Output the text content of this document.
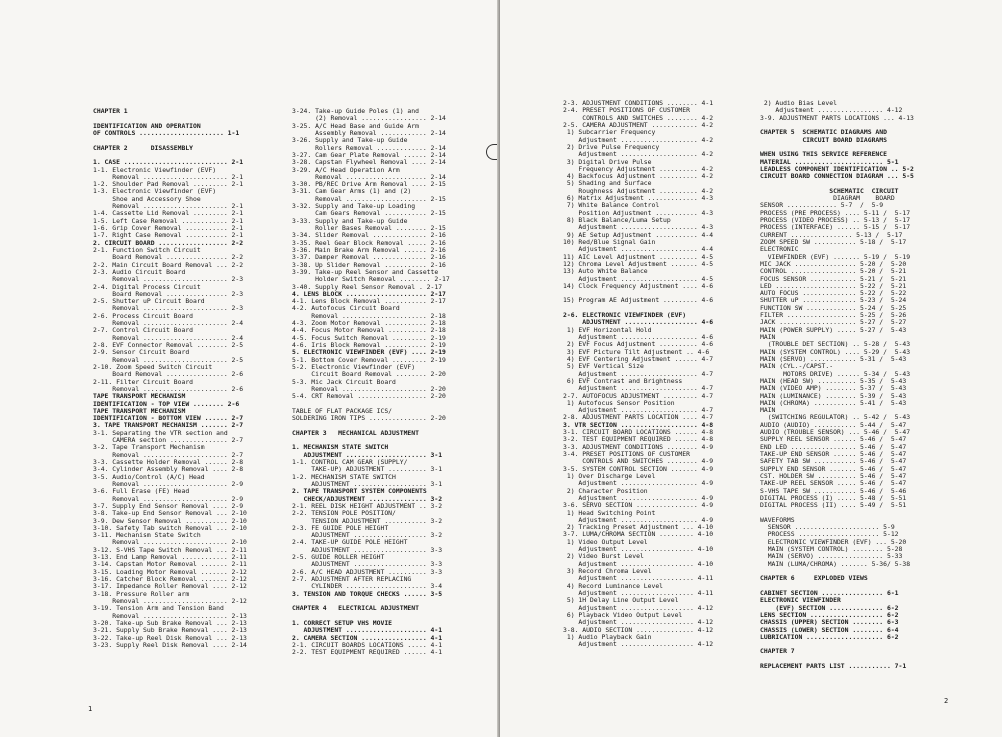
CHAPTER 1
IDENTIFICATION AND OPERATION
OF CONTROLS ...................... 1-1
CHAPTER 2      DISASSEMBLY
1. CASE ........................... 2-1
1-1. Electronic Viewfinder (EVF)
Removal ...................... 2-1
1-2. Shoulder Pad Removal ......... 2-1
1-3. Electronic Viewfinder (EVF)
Shoe and Accessory Shoe
Removal ...................... 2-1
1-4. Cassette Lid Removal ......... 2-1
1-5. Left Case Removal ............ 2-1
1-6. Grip Cover Removal ........... 2-1
1-7. Right Case Removal ........... 2-1
2. CIRCUIT BOARD .................. 2-2
2-1. Function Switch Circuit
Board Removal ................ 2-2
2-2. Main Circuit Board Removal ... 2-2
2-3. Audio Circuit Board
Removal ...................... 2-3
2-4. Digital Process Circuit
Board Removal ................ 2-3
2-5. Shutter uP Circuit Board
Removal ...................... 2-3
2-6. Process Circuit Board
Removal ...................... 2-4
2-7. Control Circuit Board
Removal ...................... 2-4
2-8. EVF Connector Removal ........ 2-5
2-9. Sensor Circuit Board
Removal ...................... 2-5
2-10. Zoom Speed Switch Circuit
Board Removal ................ 2-6
2-11. Filter Circuit Board
Removal ...................... 2-6
TAPE TRANSPORT MECHANISM
IDENTIFICATION - TOP VIEW ........ 2-6
TAPE TRANSPORT MECHANISM
IDENTIFICATION - BOTTOM VIEW ...... 2-7
3. TAPE TRANSPORT MECHANISM ....... 2-7
3-1. Separating the VTR section and
CAMERA section ............... 2-7
3-2. Tape Transport Mechanism
Removal ...................... 2-7
3-3. Cassette Holder Removal ...... 2-8
3-4. Cylinder Assembly Removal .... 2-8
3-5. Audio/Control (A/C) Head
Removal ...................... 2-9
3-6. Full Erase (FE) Head
Removal ...................... 2-9
3-7. Supply End Sensor Removal .... 2-9
3-8. Take-up End Sensor Removal ... 2-10
3-9. Dew Sensor Removal ........... 2-10
3-10. Safety Tab switch Removal ... 2-10
3-11. Mechanism State Switch
Removal ...................... 2-10
3-12. S-VHS Tape Switch Removal ... 2-11
3-13. End Lamp Removal ............ 2-11
3-14. Capstan Motor Removal ....... 2-11
3-15. Loading Motor Removal ....... 2-12
3-16. Catcher Block Removal ....... 2-12
3-17. Impedance Roller Removal .... 2-12
3-18. Pressure Roller arm
Removal ...................... 2-12
3-19. Tension Arm and Tension Band
Removal ...................... 2-13
3-20. Take-up Sub Brake Removal ... 2-13
3-21. Supply Sub Brake Removal .... 2-13
3-22. Take-up Reel Disk Removal ... 2-13
3-23. Supply Reel Disk Removal .... 2-14
3-24. Take-up Guide Poles (1) and
(2) Removal ................. 2-14
3-25. A/C Head Base and Guide Arm
Assembly Removal ............ 2-14
3-26. Supply and Take-up Guide
Rollers Removal ............. 2-14
3-27. Cam Gear Plate Removal ...... 2-14
3-28. Capstan Flywheel Removal .... 2-14
3-29. A/C Head Operation Arm
Removal ..................... 2-14
3-30. PB/REC Drive Arm Removal .... 2-15
3-31. Cam Gear Arms (1) and (2)
Removal ..................... 2-15
3-32. Supply and Take-up Loading
Cam Gears Removal ........... 2-15
3-33. Supply and Take-up Guide
Roller Bases Removal ........ 2-15
3-34. Slider Removal .............. 2-16
3-35. Reel Gear Block Removal ..... 2-16
3-36. Main Brake Arm Removal ...... 2-16
3-37. Damper Removal .............. 2-16
3-38. Up Slider Removal ........... 2-16
3-39. Take-up Reel Sensor and Cassette
Holder Switch Removal ........ 2-17
3-40. Supply Reel Sensor Removal . 2-17
4. LENS BLOCK ..................... 2-17
4-1. Lens Block Removal ........... 2-17
4-2. Autofocus Circuit Board
Removal ...................... 2-18
4-3. Zoom Motor Removal ........... 2-18
4-4. Focus Motor Removal .......... 2-18
4-5. Focus Switch Removal ......... 2-19
4-6. Iris Block Removal ........... 2-19
5. ELECTRONIC VIEWFINDER (EVF) .... 2-19
5-1. Bottom Cover Removal ......... 2-19
5-2. Electronic Viewfinder (EVF)
Circuit Board Removal ........ 2-20
5-3. Mic Jack Circuit Board
Removal ...................... 2-20
5-4. CRT Removal .................. 2-20
TABLE OF FLAT PACKAGE ICS/
SOLDERING IRON TIPS ............... 2-20
CHAPTER 3   MECHANICAL ADJUSTMENT
1. MECHANISM STATE SWITCH
ADJUSTMENT ..................... 3-1
1-1. CONTROL CAM GEAR (SUPPLY/
TAKE-UP) ADJUSTMENT .......... 3-1
1-2. MECHANISM STATE SWITCH
ADJUSTMENT ................... 3-1
2. TAPE TRANSPORT SYSTEM COMPONENTS
CHECK/ADJUSTMENT ............... 3-2
2-1. REEL DISK HEIGHT ADJUSTMENT .. 3-2
2-2. TENSION POLE POSITION/
TENSION ADJUSTMENT ........... 3-2
2-3. FE GUIDE POLE HEIGHT
ADJUSTMENT ................... 3-2
2-4. TAKE-UP GUIDE POLE HEIGHT
ADJUSTMENT ................... 3-3
2-5. GUIDE ROLLER HEIGHT
ADJUSTMENT ................... 3-3
2-6. A/C HEAD ADJUSTMENT .......... 3-3
2-7. ADJUSTMENT AFTER REPLACING
CYLINDER ..................... 3-4
3. TENSION AND TORQUE CHECKS ...... 3-5
CHAPTER 4   ELECTRICAL ADJUSTMENT
1. CORRECT SETUP VHS MOVIE
ADJUSTMENT ..................... 4-1
2. CAMERA SECTION ................. 4-1
2-1. CIRCUIT BOARDS LOCATIONS ..... 4-1
2-2. TEST EQUIPMENT REQUIRED ...... 4-1
1
2-3. ADJUSTMENT CONDITIONS ........ 4-1
2-4. PRESET POSITIONS OF CUSTOMER
CONTROLS AND SWITCHES ........ 4-2
2-5. CAMERA ADJUSTMENT ............ 4-2
1) Subcarrier Frequency
Adjustment .................... 4-2
2) Drive Pulse Frequency
Adjustment .................... 4-2
3) Digital Drive Pulse
Frequency Adjustment .......... 4-2
4) Backfocus Adjustment .......... 4-2
5) Shading and Surface
Roughness Adjustment .......... 4-2
6) Matrix Adjustment ............. 4-3
7) White Balance Control
Position Adjustment ........... 4-3
8) Black Balance/Luma Setup
Adjustment .................... 4-3
9) AE Setup Adjustment ........... 4-4
10) Red/Blue Signal Gain
Adjustment .................... 4-4
11) AIC Level Adjustment .......... 4-5
12) Chroma Level Adjustment ....... 4-5
13) Auto White Balance
Adjustment .................... 4-5
14) Clock Frequency Adjustment .... 4-6
15) Program AE Adjustment ......... 4-6
2-6. ELECTRONIC VIEWFINDER (EVF)
ADJUSTMENT ................... 4-6
1) EVF Horizontal Hold
Adjustment .................... 4-6
2) EVF Focus Adjustment .......... 4-6
3) EVF Picture Tilt Adjustment .. 4-6
4) EVF Centering Adjustment ...... 4-7
5) EVF Vertical Size
Adjustment .................... 4-7
6) EVF Contrast and Brightness
Adjustment .................... 4-7
2-7. AUTOFOCUS ADJUSTMENT ......... 4-7
1) Autofocus Sensor Position
Adjustment .................... 4-7
2-8. ADJUSTMENT PARTS LOCATION .... 4-7
3. VTR SECTION .................... 4-8
3-1. CIRCUIT BOARD LOCATIONS ...... 4-8
3-2. TEST EQUIPMENT REQUIRED ...... 4-8
3-3. ADJUSTMENT CONDITIONS ........ 4-9
3-4. PRESET POSITIONS OF CUSTOMER
CONTROLS AND SWITCHES ........ 4-9
3-5. SYSTEM CONTROL SECTION ....... 4-9
1) Over Discharge Level
Adjustment .................... 4-9
2) Character Position
Adjustment .................... 4-9
3-6. SERVO SECTION ................ 4-9
1) Head Switching Point
Adjustment .................... 4-9
2) Tracking Preset Adjustment ... 4-10
3-7. LUMA/CHROMA SECTION ......... 4-10
1) Video Output Level
Adjustment ................... 4-10
2) Video Burst Level
Adjustment ................... 4-10
3) Record Chroma Level
Adjustment ................... 4-11
4) Record Luminance Level
Adjustment ................... 4-11
5) 1H Delay Line Output Level
Adjustment ................... 4-12
6) Playback Video Output Level
Adjustment ................... 4-12
3-8. AUDIO SECTION ............... 4-12
1) Audio Playback Gain
Adjustment ................... 4-12
2) Audio Bias Level
Adjustment ................. 4-12
3-9. ADJUSTMENT PARTS LOCATIONS ... 4-13
CHAPTER 5  SCHEMATIC DIAGRAMS AND
CIRCUIT BOARD DIAGRAMS
WHEN USING THIS SERVICE REFERENCE
MATERIAL ....................... 5-1
LEADLESS COMPONENT IDENTIFICATION .. 5-2
CIRCUIT BOARD CONNECTION DIAGRAM ... 5-5
SCHEMATIC  CIRCUIT
DIAGRAM    BOARD
SENSOR ............. 5-7  /  5-9
PROCESS (PRE PROCESS) .... 5-11 /  5-17
PROCESS (VIDEO PROCESS) .. 5-13 /  5-17
PROCESS (INTERFACE) ...... 5-15 /  5-17
CURRENT ................ 5-13 /  5-17
ZOOM SPEED SW ........... 5-18 /  5-17
ELECTRONIC
VIEWFINDER (EVF) ....... 5-19 /  5-19
MIC JACK ................ 5-20 /  5-20
CONTROL ................. 5-20 /  5-21
FOCUS SENSOR ............ 5-21 /  5-21
LED ..................... 5-22 /  5-21
AUTO FOCUS .............. 5-22 /  5-22
SHUTTER uP .............. 5-23 /  5-24
FUNCTION SW ............. 5-24 /  5-25
FILTER .................. 5-25 /  5-26
JACK .................... 5-27 /  5-27
MAIN (POWER SUPPLY) ..... 5-27 /  5-43
MAIN
(TROUBLE DET SECTION) .. 5-28 /  5-43
MAIN (SYSTEM CONTROL) .... 5-29 /  5-43
MAIN (SERVO) ............ 5-31 /  5-43
MAIN (CYL.-/CAPST.-
MOTORS DRIVE) ...... 5-34 /  5-43
MAIN (HEAD SW) .......... 5-35 /  5-43
MAIN (VIDEO AMP) ........ 5-37 /  5-43
MAIN (LUMINANCE) ........ 5-39 /  5-43
MAIN (CHROMA) ........... 5-41 /  5-43
MAIN
(SWITCHING REGULATOR) .. 5-42 /  5-43
AUDIO (AUDIO) ........... 5-44 /  5-47
AUDIO (TROUBLE SENSOR) ... 5-46 /  5-47
SUPPLY REEL SENSOR ...... 5-46 /  5-47
END LED ................. 5-46 /  5-47
TAKE-UP END SENSOR ...... 5-46 /  5-47
SAFETY TAB SW ........... 5-46 /  5-47
SUPPLY END SENSOR ....... 5-46 /  5-47
CST. HOLDER SW .......... 5-46 /  5-47
TAKE-UP REEL SENSOR ..... 5-46 /  5-47
S-VHS TAPE SW ........... 5-46 /  5-46
DIGITAL PROCESS (I) ..... 5-48 /  5-51
DIGITAL PROCESS (II) .... 5-49 /  5-51
WAVEFORMS
SENSOR ...................... 5-9
PROCESS ..................... 5-12
ELECTRONIC VIEWFINDER (EVF) ... 5-20
MAIN (SYSTEM CONTROL) ........ 5-28
MAIN (SERVO) ................. 5-33
MAIN (LUMA/CHROMA) ....... 5-36/ 5-38
CHAPTER 6     EXPLODED VIEWS
CABINET SECTION ................ 6-1
ELECTRONIC VIEWFINDER
(EVF) SECTION .............. 6-2
LENS SECTION ................... 6-2
CHASSIS (UPPER) SECTION ........ 6-3
CHASSIS (LOWER) SECTION ........ 6-4
LUBRICATION .................... 6-2
CHAPTER 7
REPLACEMENT PARTS LIST ........... 7-1
2
